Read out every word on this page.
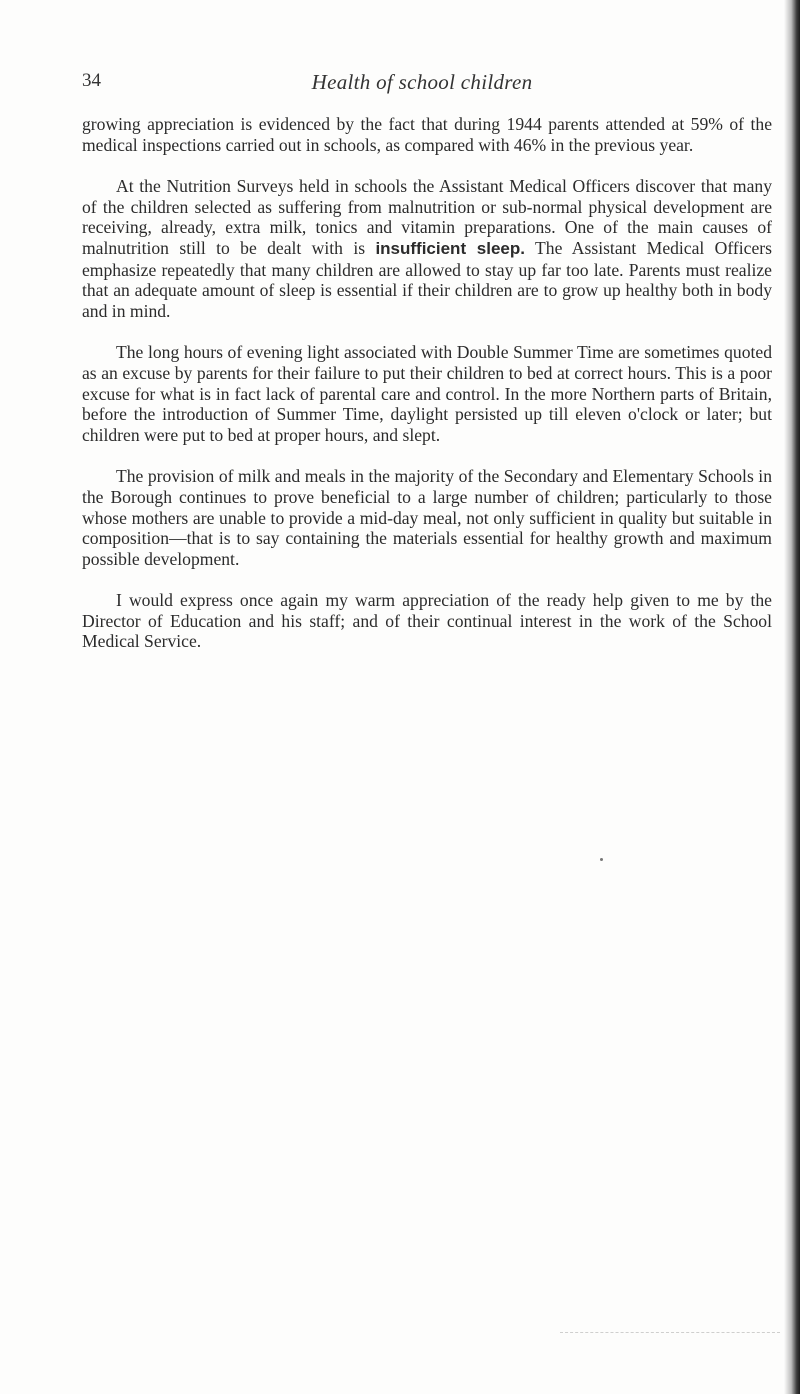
34	Health of school children

growing appreciation is evidenced by the fact that during 1944 parents attended at 59% of the medical inspections carried out in schools, as compared with 46% in the previous year.

At the Nutrition Surveys held in schools the Assistant Medical Officers discover that many of the children selected as suffering from malnutrition or sub-normal physical development are receiving, already, extra milk, tonics and vitamin preparations. One of the main causes of malnutrition still to be dealt with is insufficient sleep. The Assistant Medical Officers emphasize repeatedly that many children are allowed to stay up far too late. Parents must realize that an adequate amount of sleep is essential if their children are to grow up healthy both in body and in mind.

The long hours of evening light associated with Double Summer Time are sometimes quoted as an excuse by parents for their failure to put their children to bed at correct hours. This is a poor excuse for what is in fact lack of parental care and control. In the more Northern parts of Britain, before the introduction of Summer Time, daylight persisted up till eleven o'clock or later; but children were put to bed at proper hours, and slept.

The provision of milk and meals in the majority of the Secondary and Elementary Schools in the Borough continues to prove beneficial to a large number of children; particularly to those whose mothers are unable to provide a mid-day meal, not only sufficient in quality but suitable in composition—that is to say containing the materials essential for healthy growth and maximum possible development.

I would express once again my warm appreciation of the ready help given to me by the Director of Education and his staff; and of their continual interest in the work of the School Medical Service.
